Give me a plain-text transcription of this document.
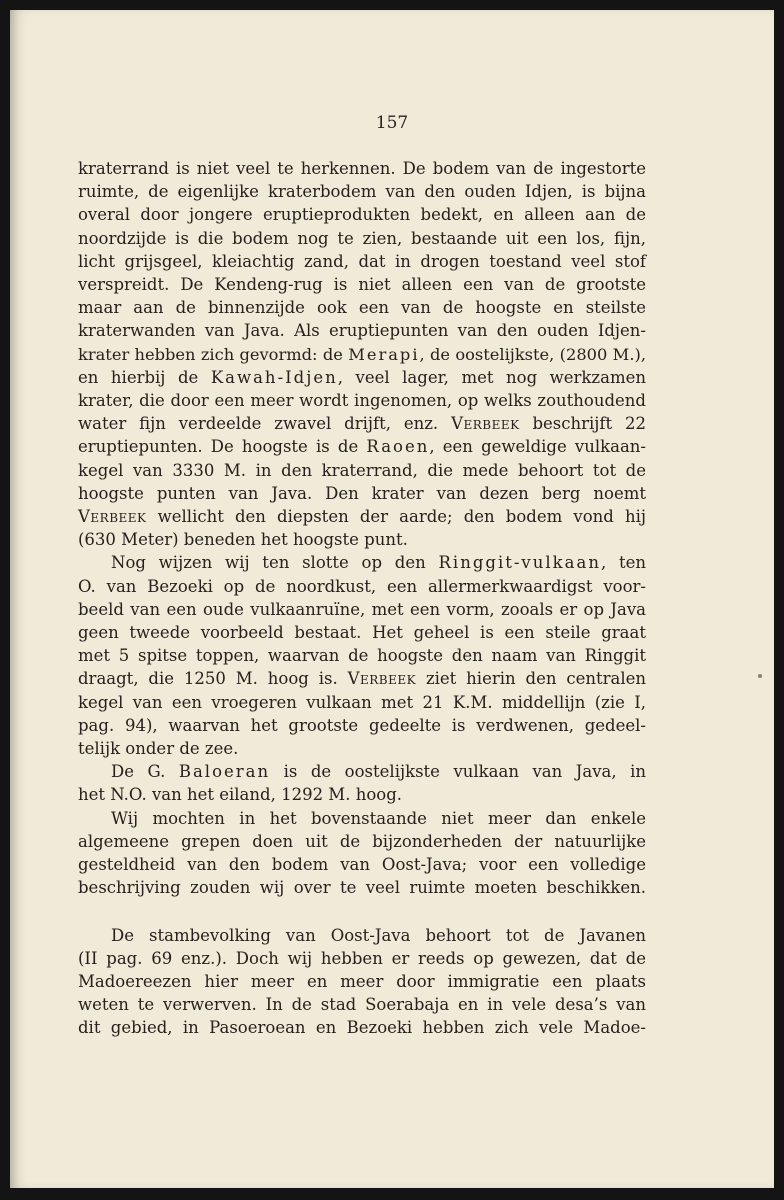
157
kraterrand is niet veel te herkennen. De bodem van de ingestorte
ruimte, de eigenlijke kraterbodem van den ouden Idjen, is bijna
overal door jongere eruptieprodukten bedekt, en alleen aan de
noordzijde is die bodem nog te zien, bestaande uit een los, fijn,
licht grijsgeel, kleiachtig zand, dat in drogen toestand veel stof
verspreidt. De Kendeng-rug is niet alleen een van de grootste
maar aan de binnenzijde ook een van de hoogste en steilste
kraterwanden van Java. Als eruptiepunten van den ouden Idjen-
krater hebben zich gevormd: de Merapi, de oostelijkste, (2800 M.),
en hierbij de Kawah-Idjen, veel lager, met nog werkzamen
krater, die door een meer wordt ingenomen, op welks zouthoudend
water fijn verdeelde zwavel drijft, enz. Verbeek beschrijft 22
eruptiepunten. De hoogste is de Raoen, een geweldige vulkaan-
kegel van 3330 M. in den kraterrand, die mede behoort tot de
hoogste punten van Java. Den krater van dezen berg noemt
Verbeek wellicht den diepsten der aarde; den bodem vond hij
(630 Meter) beneden het hoogste punt.
Nog wijzen wij ten slotte op den Ringgit-vulkaan, ten
O. van Bezoeki op de noordkust, een allermerkwaardigst voor-
beeld van een oude vulkaanruïne, met een vorm, zooals er op Java
geen tweede voorbeeld bestaat. Het geheel is een steile graat
met 5 spitse toppen, waarvan de hoogste den naam van Ringgit
draagt, die 1250 M. hoog is. Verbeek ziet hierin den centralen
kegel van een vroegeren vulkaan met 21 K.M. middellijn (zie I,
pag. 94), waarvan het grootste gedeelte is verdwenen, gedeel-
telijk onder de zee.
De G. Baloeran is de oostelijkste vulkaan van Java, in
het N.O. van het eiland, 1292 M. hoog.
Wij mochten in het bovenstaande niet meer dan enkele
algemeene grepen doen uit de bijzonderheden der natuurlijke
gesteldheid van den bodem van Oost-Java; voor een volledige
beschrijving zouden wij over te veel ruimte moeten beschikken.
De stambevolking van Oost-Java behoort tot de Javanen
(II pag. 69 enz.). Doch wij hebben er reeds op gewezen, dat de
Madoereezen hier meer en meer door immigratie een plaats
weten te verwerven. In de stad Soerabaja en in vele desa’s van
dit gebied, in Pasoeroean en Bezoeki hebben zich vele Madoe-
